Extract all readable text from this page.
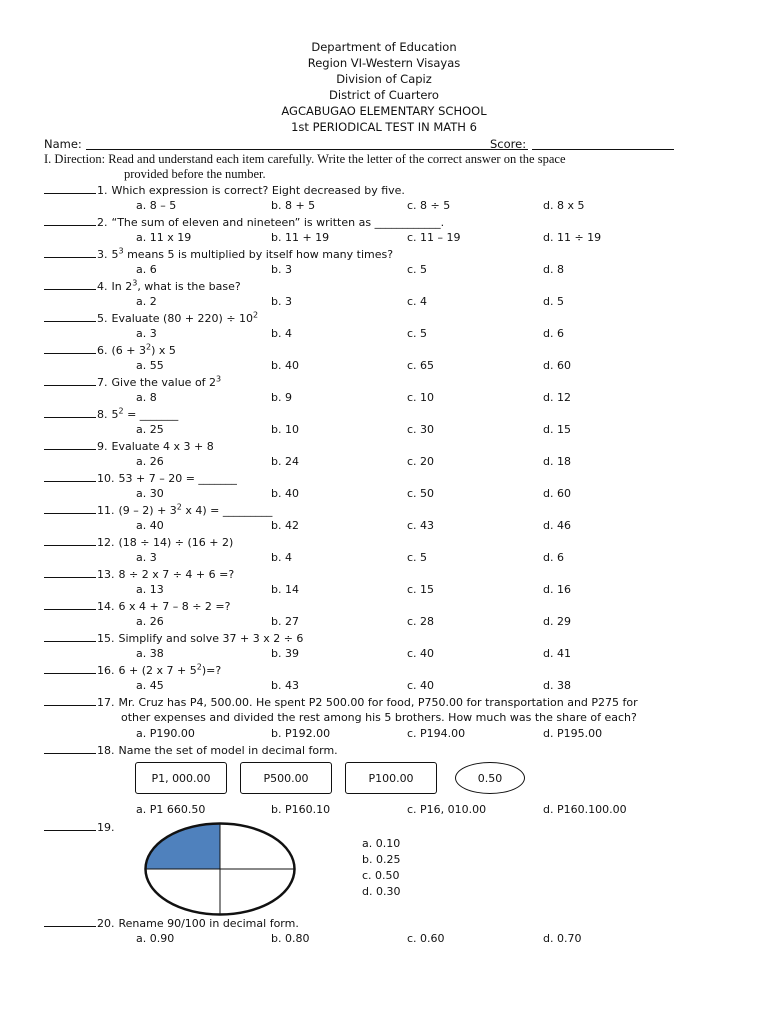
Department of Education
Region VI-Western Visayas
Division of Capiz
District of Cuartero
AGCABUGAO ELEMENTARY SCHOOL
1st PERIODICAL TEST IN MATH 6
Name:	Score:
I. Direction: Read and understand each item carefully. Write the letter of the correct answer on the space
provided before the number.
1. Which expression is correct? Eight decreased by five.
a. 8 – 5	b. 8 + 5	c. 8 ÷ 5	d. 8 x 5
2. “The sum of eleven and nineteen” is written as ____________.
a. 11 x 19	b. 11 + 19	c. 11 – 19	d. 11 ÷ 19
3. $5^3$ means 5 is multiplied by itself how many times?
a. 6	b. 3	c. 5	d. 8
4. In $2^3$, what is the base?
a. 2	b. 3	c. 4	d. 5
5. Evaluate $(80 + 220) \div 10^2$
a. 3	b. 4	c. 5	d. 6
6. $(6 + 3^2)$ x 5
a. 55	b. 40	c. 65	d. 60
7. Give the value of $2^3$
a. 8	b. 9	c. 10	d. 12
8. $5^2$ = _______
a. 25	b. 10	c. 30	d. 15
9. Evaluate 4 x 3 + 8
a. 26	b. 24	c. 20	d. 18
10. 53 + 7 – 20 = _______
a. 30	b. 40	c. 50	d. 60
11. $(9 - 2) + 3^2$ x 4) = _________
a. 40	b. 42	c. 43	d. 46
12. (18 ÷ 14) ÷ (16 + 2)
a. 3	b. 4	c. 5	d. 6
13. 8 ÷ 2 x 7 ÷ 4 + 6 =?
a. 13	b. 14	c. 15	d. 16
14. 6 x 4 + 7 – 8 ÷ 2 =?
a. 26	b. 27	c. 28	d. 29
15. Simplify and solve 37 + 3 x 2 ÷ 6
a. 38	b. 39	c. 40	d. 41
16. 6 + (2 x $7 + 5^2)=$?
a. 45	b. 43	c. 40	d. 38
17. Mr. Cruz has P4, 500.00. He spent P2 500.00 for food, P750.00 for transportation and P275 for
other expenses and divided the rest among his 5 brothers. How much was the share of each?
a. P190.00	b. P192.00	c. P194.00	d. P195.00
18. Name the set of model in decimal form.
P1, 000.00	P500.00	P100.00	0.50
a. P1 660.50	b. P160.10	c. P16, 010.00	d. P160.100.00
19.
a. 0.10
b. 0.25
c. 0.50
d. 0.30
20. Rename 90/100 in decimal form.
a. 0.90	b. 0.80	c. 0.60	d. 0.70
